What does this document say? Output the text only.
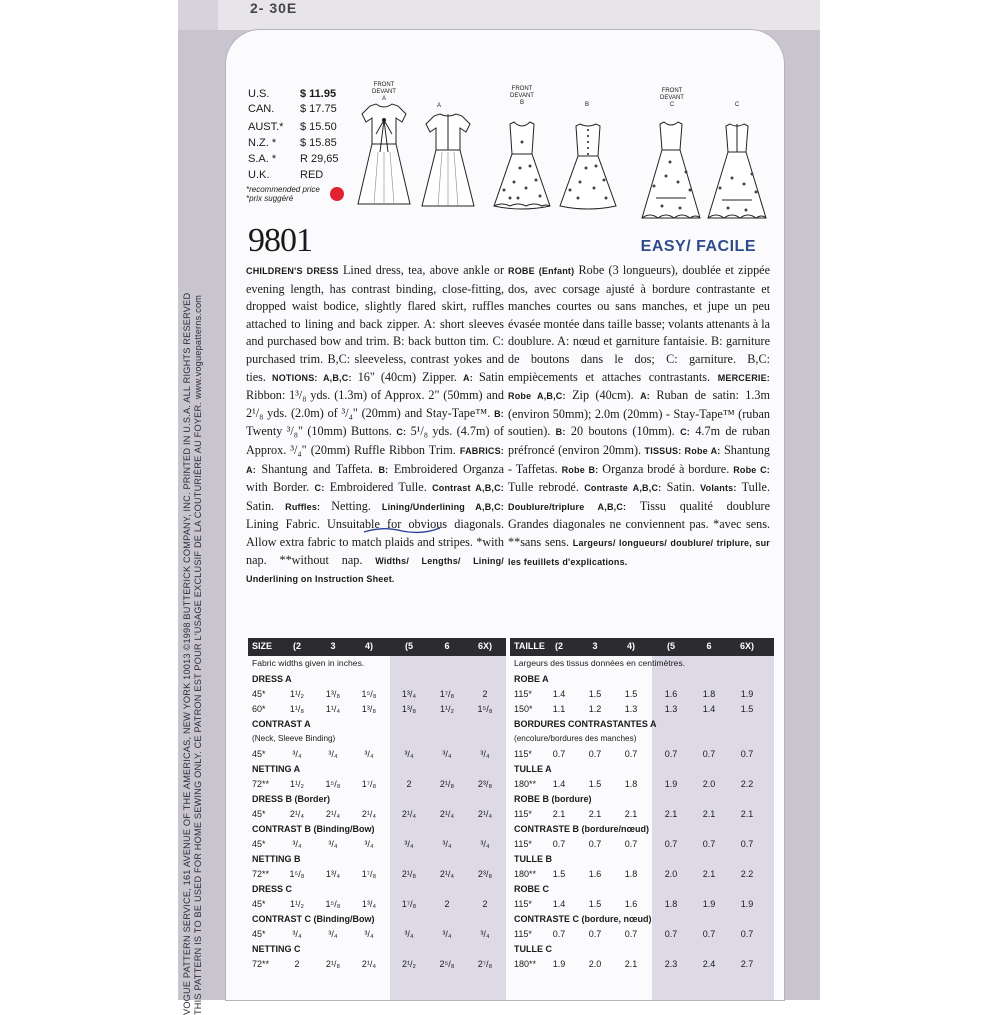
2- 30E
VOGUE PATTERN SERVICE, 161 AVENUE OF THE AMERICAS, NEW YORK 10013 ©1998 BUTTERICK COMPANY, INC. PRINTED IN U.S.A. ALL RIGHTS RESERVED THIS PATTERN IS TO BE USED FOR HOME SEWING ONLY. CE PATRON EST POUR L'USAGE EXCLUSIF DE LA COUTURIÈRE AU FOYER. www.voguepatterns.com
U.S.	$ 11.95
CAN.	$ 17.75
AUST.*	$ 15.50
N.Z. *	$ 15.85
S.A. *	R 29,65
U.K.	RED
*recommended price
*prix suggéré
FRONT
DEVANT
A
A
FRONT
DEVANT
B	B
FRONT
DEVANT
C	C
9801	EASY/ FACILE
CHILDREN'S DRESS Lined dress, tea, above ankle or evening length, has contrast binding, close-fitting, dropped waist bodice, slightly flared skirt, ruffles attached to lining and back zipper. A: short sleeves and purchased bow and trim. B: back button tim. C: purchased trim. B,C: sleeveless, contrast yokes and ties. NOTIONS: A,B,C: 16" (40cm) Zipper. A: Satin Ribbon: 1³/₈ yds. (1.3m) of Approx. 2" (50mm) and 2¹/₈ yds. (2.0m) of ³/₄" (20mm) and Stay-Tape™. B: Twenty ³/₈" (10mm) Buttons. C: 5¹/₈ yds. (4.7m) of Approx. ³/₄" (20mm) Ruffle Ribbon Trim. FABRICS: A: Shantung and Taffeta. B: Embroidered Organza with Border. C: Embroidered Tulle. Contrast A,B,C: Satin. Ruffles: Netting. Lining/Underlining A,B,C: Lining Fabric. Unsuitable for obvious diagonals. Allow extra fabric to match plaids and stripes. *with nap. **without nap. Widths/ Lengths/ Lining/ Underlining on Instruction Sheet.
ROBE (Enfant) Robe (3 longueurs), doublée et zippée dos, avec corsage ajusté à bordure contrastante et manches courtes ou sans manches, et jupe un peu évasée montée dans taille basse; volants attenants à la doublure. A: nœud et garniture fantaisie. B: garniture de boutons dans le dos; C: garniture. B,C: empiècements et attaches contrastants. MERCERIE: Robe A,B,C: Zip (40cm). A: Ruban de satin: 1.3m (environ 50mm); 2.0m (20mm) - Stay-Tape™ (ruban soutien). B: 20 boutons (10mm). C: 4.7m de ruban préfroncé (environ 20mm). TISSUS: Robe A: Shantung - Taffetas. Robe B: Organza brodé à bordure. Robe C: Tulle rebrodé. Contraste A,B,C: Satin. Volants: Tulle. Doublure/triplure A,B,C: Tissu qualité doublure Grandes diagonales ne conviennent pas. *avec sens. **sans sens. Largeurs/ longueurs/ doublure/ triplure, sur les feuillets d'explications.
SIZE	(2	3	4)	(5	6	6X)
Fabric widths given in inches.
DRESS A
45*	1¹/₂	1³/₈	1⁵/₈	1³/₄	1⁷/₈	2
60*	1¹/₈	1¹/₄	1³/₈	1³/₈	1¹/₂	1⁵/₈
CONTRAST A
(Neck, Sleeve Binding)
45*	³/₄	³/₄	³/₄	³/₄	³/₄	³/₄
NETTING A
72**	1¹/₂	1⁵/₈	1⁷/₈	2	2¹/₈	2³/₈
DRESS B (Border)
45*	2¹/₄	2¹/₄	2¹/₄	2¹/₄	2¹/₄	2¹/₄
CONTRAST B (Binding/Bow)
45*	³/₄	³/₄	³/₄	³/₄	³/₄	³/₄
NETTING B
72**	1⁵/₈	1³/₄	1⁷/₈	2¹/₈	2¹/₄	2³/₈
DRESS C
45*	1¹/₂	1⁵/₈	1³/₄	1⁷/₈	2	2
CONTRAST C (Binding/Bow)
45*	³/₄	³/₄	³/₄	³/₄	³/₄	³/₄
NETTING C
72**	2	2¹/₈	2¹/₄	2¹/₂	2⁵/₈	2⁷/₈
TAILLE	(2	3	4)	(5	6	6X)
Largeurs des tissus données en centimètres.
ROBE A
115*	1.4	1.5	1.5	1.6	1.8	1.9
150*	1.1	1.2	1.3	1.3	1.4	1.5
BORDURES CONTRASTANTES A
(encolure/bordures des manches)
115*	0.7	0.7	0.7	0.7	0.7	0.7
TULLE A
180**	1.4	1.5	1.8	1.9	2.0	2.2
ROBE B (bordure)
115*	2.1	2.1	2.1	2.1	2.1	2.1
CONTRASTE B (bordure/nœud)
115*	0.7	0.7	0.7	0.7	0.7	0.7
TULLE B
180**	1.5	1.6	1.8	2.0	2.1	2.2
ROBE C
115*	1.4	1.5	1.6	1.8	1.9	1.9
CONTRASTE C (bordure, nœud)
115*	0.7	0.7	0.7	0.7	0.7	0.7
TULLE C
180**	1.9	2.0	2.1	2.3	2.4	2.7
